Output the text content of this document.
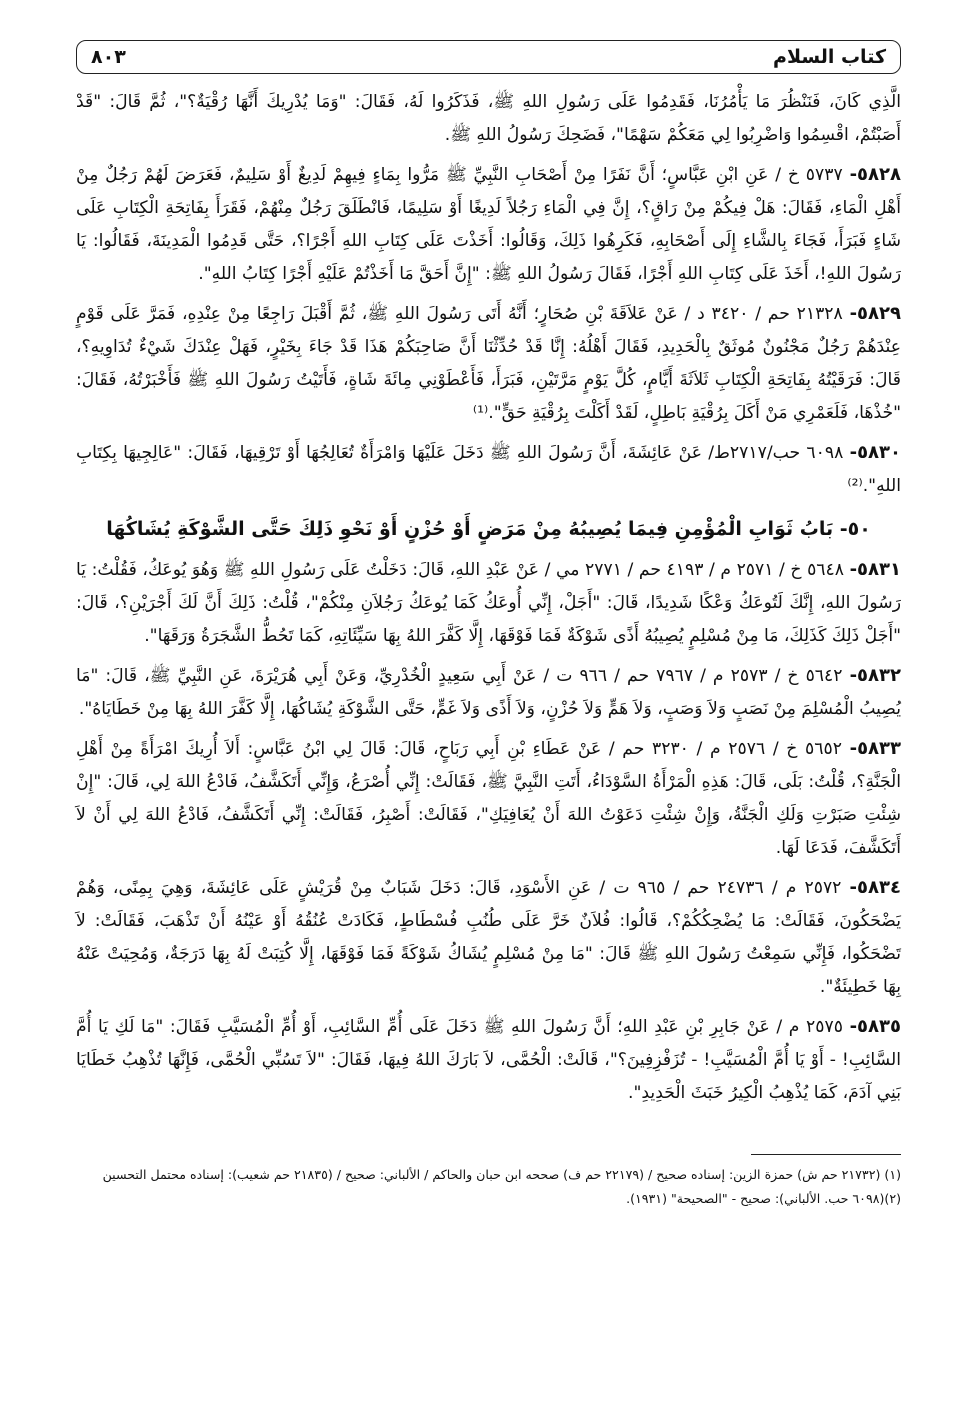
كتاب السلام
٨٠٣

الَّذِي كَانَ، فَنَنْظُرَ مَا يَأْمُرُنَا، فَقَدِمُوا عَلَى رَسُولِ اللهِ ﷺ، فَذَكَرُوا لَهُ، فَقَالَ: "وَمَا يُدْرِيكَ أَنَّهَا رُقْيَةٌ؟"، ثُمَّ قَالَ: "قَدْ أَصَبْتُمْ، اقْسِمُوا وَاضْرِبُوا لِي مَعَكُمْ سَهْمًا"، فَضَحِكَ رَسُولُ اللهِ ﷺ.

٥٨٢٨- ٥٧٣٧ خ / عَنِ ابْنِ عَبَّاسٍ؛ أَنَّ نَفَرًا مِنْ أَصْحَابِ النَّبِيِّ ﷺ مَرُّوا بِمَاءٍ فِيهِمْ لَدِيغٌ أَوْ سَلِيمٌ، فَعَرَضَ لَهُمْ رَجُلٌ مِنْ أَهْلِ الْمَاءِ، فَقَالَ: هَلْ فِيكُمْ مِنْ رَاقٍ؟، إِنَّ فِي الْمَاءِ رَجُلاً لَدِيغًا أَوْ سَلِيمًا، فَانْطَلَقَ رَجُلٌ مِنْهُمْ، فَقَرَأَ بِفَاتِحَةِ الْكِتَابِ عَلَى شَاءٍ فَبَرَأَ، فَجَاءَ بِالشَّاءِ إِلَى أَصْحَابِهِ، فَكَرِهُوا ذَلِكَ، وَقَالُوا: أَخَذْتَ عَلَى كِتَابِ اللهِ أَجْرًا؟، حَتَّى قَدِمُوا الْمَدِينَةَ، فَقَالُوا: يَا رَسُولَ اللهِ!، أَخَذَ عَلَى كِتَابِ اللهِ أَجْرًا، فَقَالَ رَسُولُ اللهِ ﷺ: "إِنَّ أَحَقَّ مَا أَخَذْتُمْ عَلَيْهِ أَجْرًا كِتَابُ اللهِ".

٥٨٢٩- ٢١٣٢٨ حم / ٣٤٢٠ د / عَنْ عَلاَقَةَ بْنِ صُحَارٍ؛ أَنَّهُ أَتَى رَسُولَ اللهِ ﷺ، ثُمَّ أَقْبَلَ رَاجِعًا مِنْ عِنْدِهِ، فَمَرَّ عَلَى قَوْمٍ عِنْدَهُمْ رَجُلٌ مَجْنُونٌ مُوثَقٌ بِالْحَدِيدِ، فَقَالَ أَهْلُهُ: إِنَّا قَدْ حُدِّثْنَا أَنَّ صَاحِبَكُمْ هَذَا قَدْ جَاءَ بِخَيْرٍ، فَهَلْ عِنْدَكَ شَيْءٌ تُدَاوِيهِ؟، قَالَ: فَرَقَيْتُهُ بِفَاتِحَةِ الْكِتَابِ ثَلاَثَةَ أَيَّامٍ، كُلَّ يَوْمٍ مَرَّتَيْنِ، فَبَرَأَ، فَأَعْطَوْنِي مِائَةَ شَاةٍ، فَأَتَيْتُ رَسُولَ اللهِ ﷺ فَأَخْبَرْتُهُ، فَقَالَ: "خُذْهَا، فَلَعَمْرِي مَنْ أَكَلَ بِرُقْيَةِ بَاطِلٍ، لَقَدْ أَكَلْتَ بِرُقْيَةِ حَقٍّ".⁽¹⁾

٥٨٣٠- ٦٠٩٨ حب/٢٧١٧ط/ عَنْ عَائِشَةَ، أَنَّ رَسُولَ اللهِ ﷺ دَخَلَ عَلَيْهَا وَامْرَأَةٌ تُعَالِجُهَا أَوْ تَرْقِيهَا، فَقَالَ: "عَالِجِيهَا بِكِتَابِ اللهِ".⁽²⁾

٥٠- بَابُ ثَوَابِ الْمُؤْمِنِ فِيمَا يُصِيبُهُ مِنْ مَرَضٍ أَوْ حُزْنٍ أَوْ نَحْوِ ذَلِكَ حَتَّى الشَّوْكَةِ يُشَاكُهَا

٥٨٣١- ٥٦٤٨ خ / ٢٥٧١ م / ٤١٩٣ حم / ٢٧٧١ مي / عَنْ عَبْدِ اللهِ، قَالَ: دَخَلْتُ عَلَى رَسُولِ اللهِ ﷺ وَهُوَ يُوعَكُ، فَقُلْتُ: يَا رَسُولَ اللهِ، إِنَّكَ لَتُوعَكُ وَعْكًا شَدِيدًا، قَالَ: "أَجَلْ، إِنِّي أُوعَكُ كَمَا يُوعَكُ رَجُلاَنِ مِنْكُمْ"، قُلْتُ: ذَلِكَ أَنَّ لَكَ أَجْرَيْنِ؟، قَالَ: "أَجَلْ ذَلِكَ كَذَلِكَ، مَا مِنْ مُسْلِمٍ يُصِيبُهُ أَذًى شَوْكَةٌ فَمَا فَوْقَهَا، إِلَّا كَفَّرَ اللهُ بِهَا سَيِّئَاتِهِ، كَمَا تَحُطُّ الشَّجَرَةُ وَرَقَهَا".

٥٨٣٢- ٥٦٤٢ خ / ٢٥٧٣ م / ٧٩٦٧ حم / ٩٦٦ ت / عَنْ أَبِي سَعِيدٍ الْخُدْرِيِّ، وَعَنْ أَبِي هُرَيْرَةَ، عَنِ النَّبِيِّ ﷺ، قَالَ: "مَا يُصِيبُ الْمُسْلِمَ مِنْ نَصَبٍ وَلاَ وَصَبٍ، وَلاَ هَمٍّ وَلاَ حُزْنٍ، وَلاَ أَذًى وَلاَ غَمٍّ، حَتَّى الشَّوْكَةِ يُشَاكُهَا، إِلَّا كَفَّرَ اللهُ بِهَا مِنْ خَطَايَاهُ".

٥٨٣٣- ٥٦٥٢ خ / ٢٥٧٦ م / ٣٢٣٠ حم / عَنْ عَطَاءِ بْنِ أَبِي رَبَاحٍ، قَالَ: قَالَ لِي ابْنُ عَبَّاسٍ: أَلاَ أُرِيكَ امْرَأَةً مِنْ أَهْلِ الْجَنَّةِ؟، قُلْتُ: بَلَى، قَالَ: هَذِهِ الْمَرْأَةُ السَّوْدَاءُ، أَتَتِ النَّبِيَّ ﷺ، فَقَالَتْ: إِنِّي أُصْرَعُ، وَإِنِّي أَتَكَشَّفُ، فَادْعُ اللهَ لِي، قَالَ: "إِنْ شِئْتِ صَبَرْتِ وَلَكِ الْجَنَّةُ، وَإِنْ شِئْتِ دَعَوْتُ اللهَ أَنْ يُعَافِيَكِ"، فَقَالَتْ: أَصْبِرُ، فَقَالَتْ: إِنِّي أَتَكَشَّفُ، فَادْعُ اللهَ لِي أَنْ لاَ أَتَكَشَّفَ، فَدَعَا لَهَا.

٥٨٣٤- ٢٥٧٢ م / ٢٤٧٣٦ حم / ٩٦٥ ت / عَنِ الأَسْوَدِ، قَالَ: دَخَلَ شَبَابٌ مِنْ قُرَيْشٍ عَلَى عَائِشَةَ، وَهِيَ بِمِنًى، وَهُمْ يَضْحَكُونَ، فَقَالَتْ: مَا يُضْحِكُكُمْ؟، قَالُوا: فُلاَنٌ خَرَّ عَلَى طُنُبِ فُسْطَاطٍ، فَكَادَتْ عُنُقُهُ أَوْ عَيْنُهُ أَنْ تَذْهَبَ، فَقَالَتْ: لاَ تَضْحَكُوا، فَإِنِّي سَمِعْتُ رَسُولَ اللهِ ﷺ قَالَ: "مَا مِنْ مُسْلِمٍ يُشَاكُ شَوْكَةً فَمَا فَوْقَهَا، إِلَّا كُتِبَتْ لَهُ بِهَا دَرَجَةٌ، وَمُحِيَتْ عَنْهُ بِهَا خَطِيئَةٌ".

٥٨٣٥- ٢٥٧٥ م / عَنْ جَابِرِ بْنِ عَبْدِ اللهِ؛ أَنَّ رَسُولَ اللهِ ﷺ دَخَلَ عَلَى أُمِّ السَّائِبِ، أَوْ أُمِّ الْمُسَيَّبِ فَقَالَ: "مَا لَكِ يَا أُمَّ السَّائِبِ! - أَوْ يَا أُمَّ الْمُسَيَّبِ! - تُزَفْزِفِينَ؟"، قَالَتْ: الْحُمَّى، لاَ بَارَكَ اللهُ فِيهَا، فَقَالَ: "لاَ تَسُبِّي الْحُمَّى، فَإِنَّهَا تُذْهِبُ خَطَايَا بَنِي آدَمَ، كَمَا يُذْهِبُ الْكِيرُ خَبَثَ الْحَدِيدِ".

(١) (٢١٧٣٢ حم ش) حمزة الزين: إسناده صحيح / (٢٢١٧٩ حم ف) صححه ابن حبان والحاكم / الألباني: صحيح / (٢١٨٣٥ حم شعيب): إسناده محتمل التحسين

(٢)(٦٠٩٨ حب. الألباني): صحيح - "الصحيحة" (١٩٣١).
